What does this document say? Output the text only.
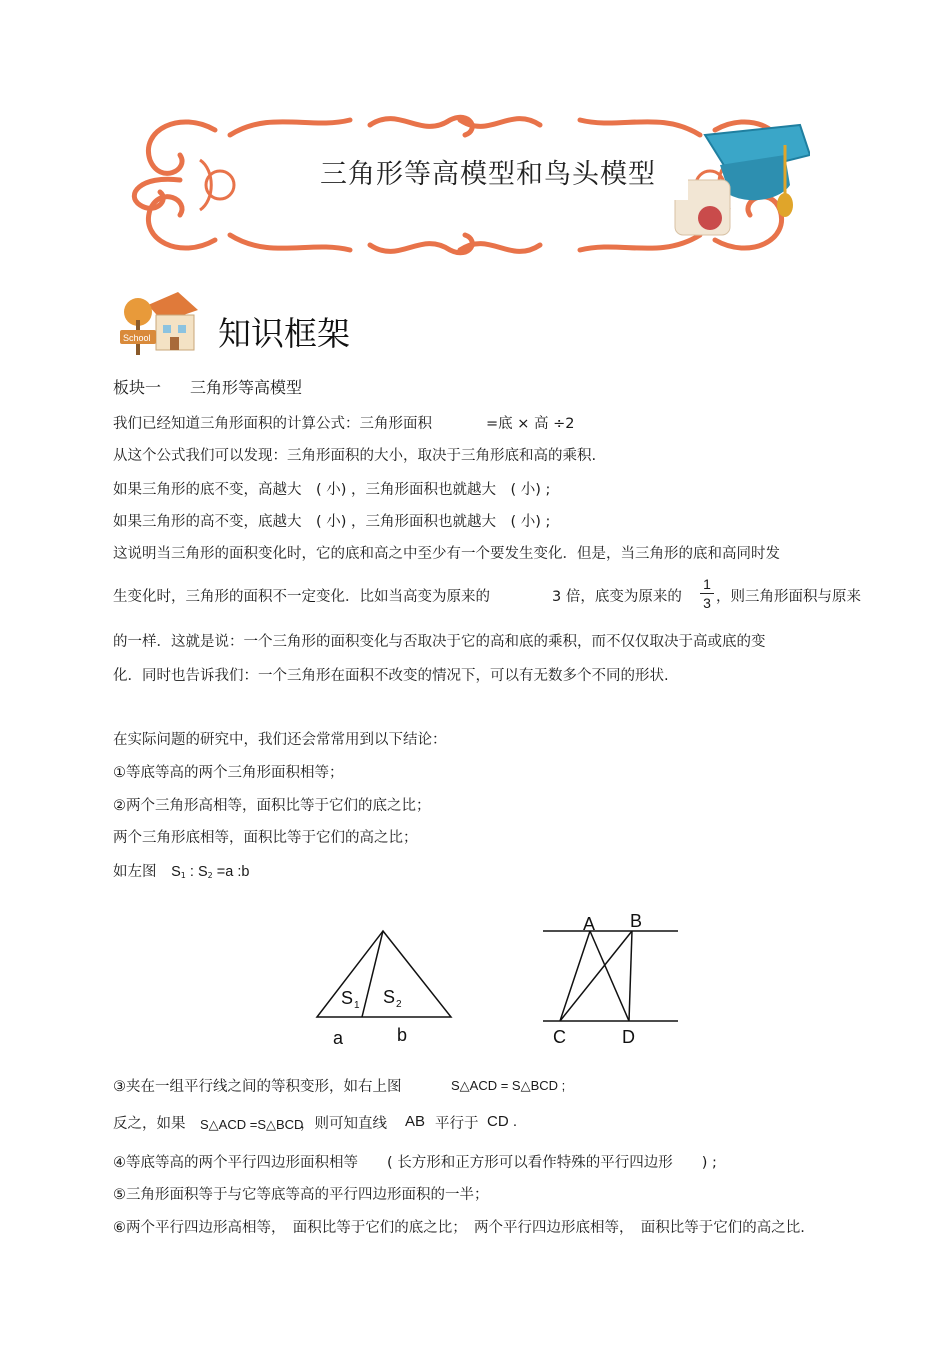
三角形等高模型和鸟头模型
School 知识框架
板块一 三角形等高模型
我们已经知道三角形面积的计算公式：三角形面积	=底 × 高 ÷2
从这个公式我们可以发现：三角形面积的大小，取决于三角形底和高的乘积.
如果三角形的底不变，高越大　( 小) ，三角形面积也就越大　( 小) ;
如果三角形的高不变，底越大　( 小) ，三角形面积也就越大　( 小) ;
这说明当三角形的面积变化时，它的底和高之中至少有一个要发生变化．但是，当三角形的底和高同时发
生变化时，三角形的面积不一定变化．比如当高变为原来的	3 倍，底变为原来的
1
3 ，则三角形面积与原来
的一样．这就是说：一个三角形的面积变化与否取决于它的高和底的乘积，而不仅仅取决于高或底的变
化．同时也告诉我们：一个三角形在面积不改变的情况下，可以有无数多个不同的形状.
在实际问题的研究中，我们还会常常用到以下结论：
①等底等高的两个三角形面积相等；
②两个三角形高相等，面积比等于它们的底之比；
两个三角形底相等，面积比等于它们的高之比；
如左图 $S_1$ : $S_2 =a$ :b
S 1 S 2
a	b
A B
C	D
③夹在一组平行线之间的等积变形，如右上图	S△ACD = S△BCD ;
反之，如果 S△ACD =S△BCD
，则可知直线 AB 平行于 CD .
④等底等高的两个平行四边形面积相等　　( 长方形和正方形可以看作特殊的平行四边形　　) ;
⑤三角形面积等于与它等底等高的平行四边形面积的一半；
⑥两个平行四边形高相等，　面积比等于它们的底之比；　两个平行四边形底相等，　面积比等于它们的高之比.
